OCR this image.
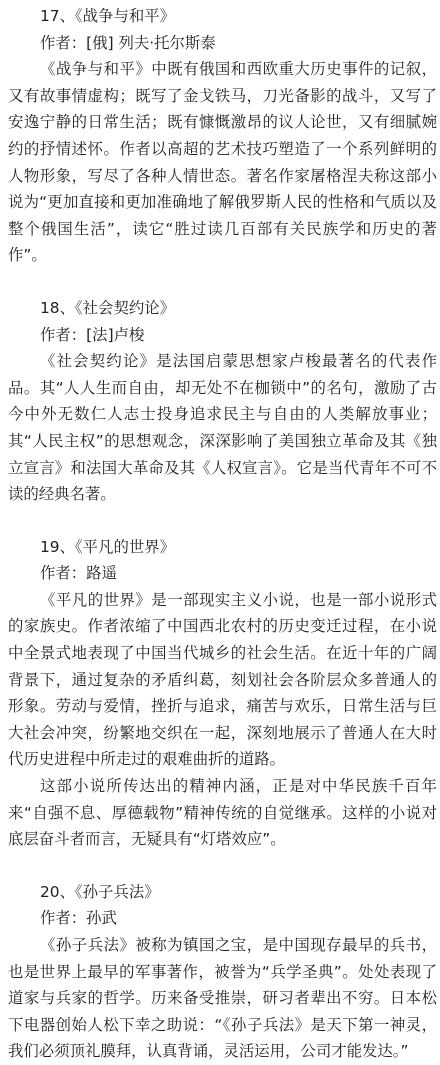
17、《战争与和平》

作者：[俄] 列夫·托尔斯泰

《战争与和平》中既有俄国和西欧重大历史事件的记叙，又有故事情虚构；既写了金戈铁马，刀光备影的战斗，又写了安逸宁静的日常生活；既有慷慨激昂的议人论世，又有细腻婉约的抒情述怀。作者以高超的艺术技巧塑造了一个系列鲜明的人物形象，写尽了各种人情世态。著名作家屠格涅夫称这部小说为“更加直接和更加准确地了解俄罗斯人民的性格和气质以及整个俄国生活”，读它“胜过读几百部有关民族学和历史的著作”。

18、《社会契约论》

作者：[法]卢梭

《社会契约论》是法国启蒙思想家卢梭最著名的代表作品。其“人人生而自由，却无处不在枷锁中”的名句，激励了古今中外无数仁人志士投身追求民主与自由的人类解放事业；其“人民主权”的思想观念，深深影响了美国独立革命及其《独立宣言》和法国大革命及其《人权宣言》。它是当代青年不可不读的经典名著。

19、《平凡的世界》

作者：路遥

《平凡的世界》是一部现实主义小说，也是一部小说形式的家族史。作者浓缩了中国西北农村的历史变迁过程，在小说中全景式地表现了中国当代城乡的社会生活。在近十年的广阔背景下，通过复杂的矛盾纠葛，刻划社会各阶层众多普通人的形象。劳动与爱情，挫折与追求，痛苦与欢乐，日常生活与巨大社会冲突，纷繁地交织在一起，深刻地展示了普通人在大时代历史进程中所走过的艰难曲折的道路。

这部小说所传达出的精神内涵，正是对中华民族千百年来“自强不息、厚德载物”精神传统的自觉继承。这样的小说对底层奋斗者而言，无疑具有“灯塔效应”。

20、《孙子兵法》

作者：孙武

《孙子兵法》被称为镇国之宝，是中国现存最早的兵书，也是世界上最早的军事著作，被誉为“兵学圣典”。处处表现了道家与兵家的哲学。历来备受推崇，研习者辈出不穷。日本松下电器创始人松下幸之助说：“《孙子兵法》是天下第一神灵，我们必须顶礼膜拜，认真背诵，灵活运用，公司才能发达。”
